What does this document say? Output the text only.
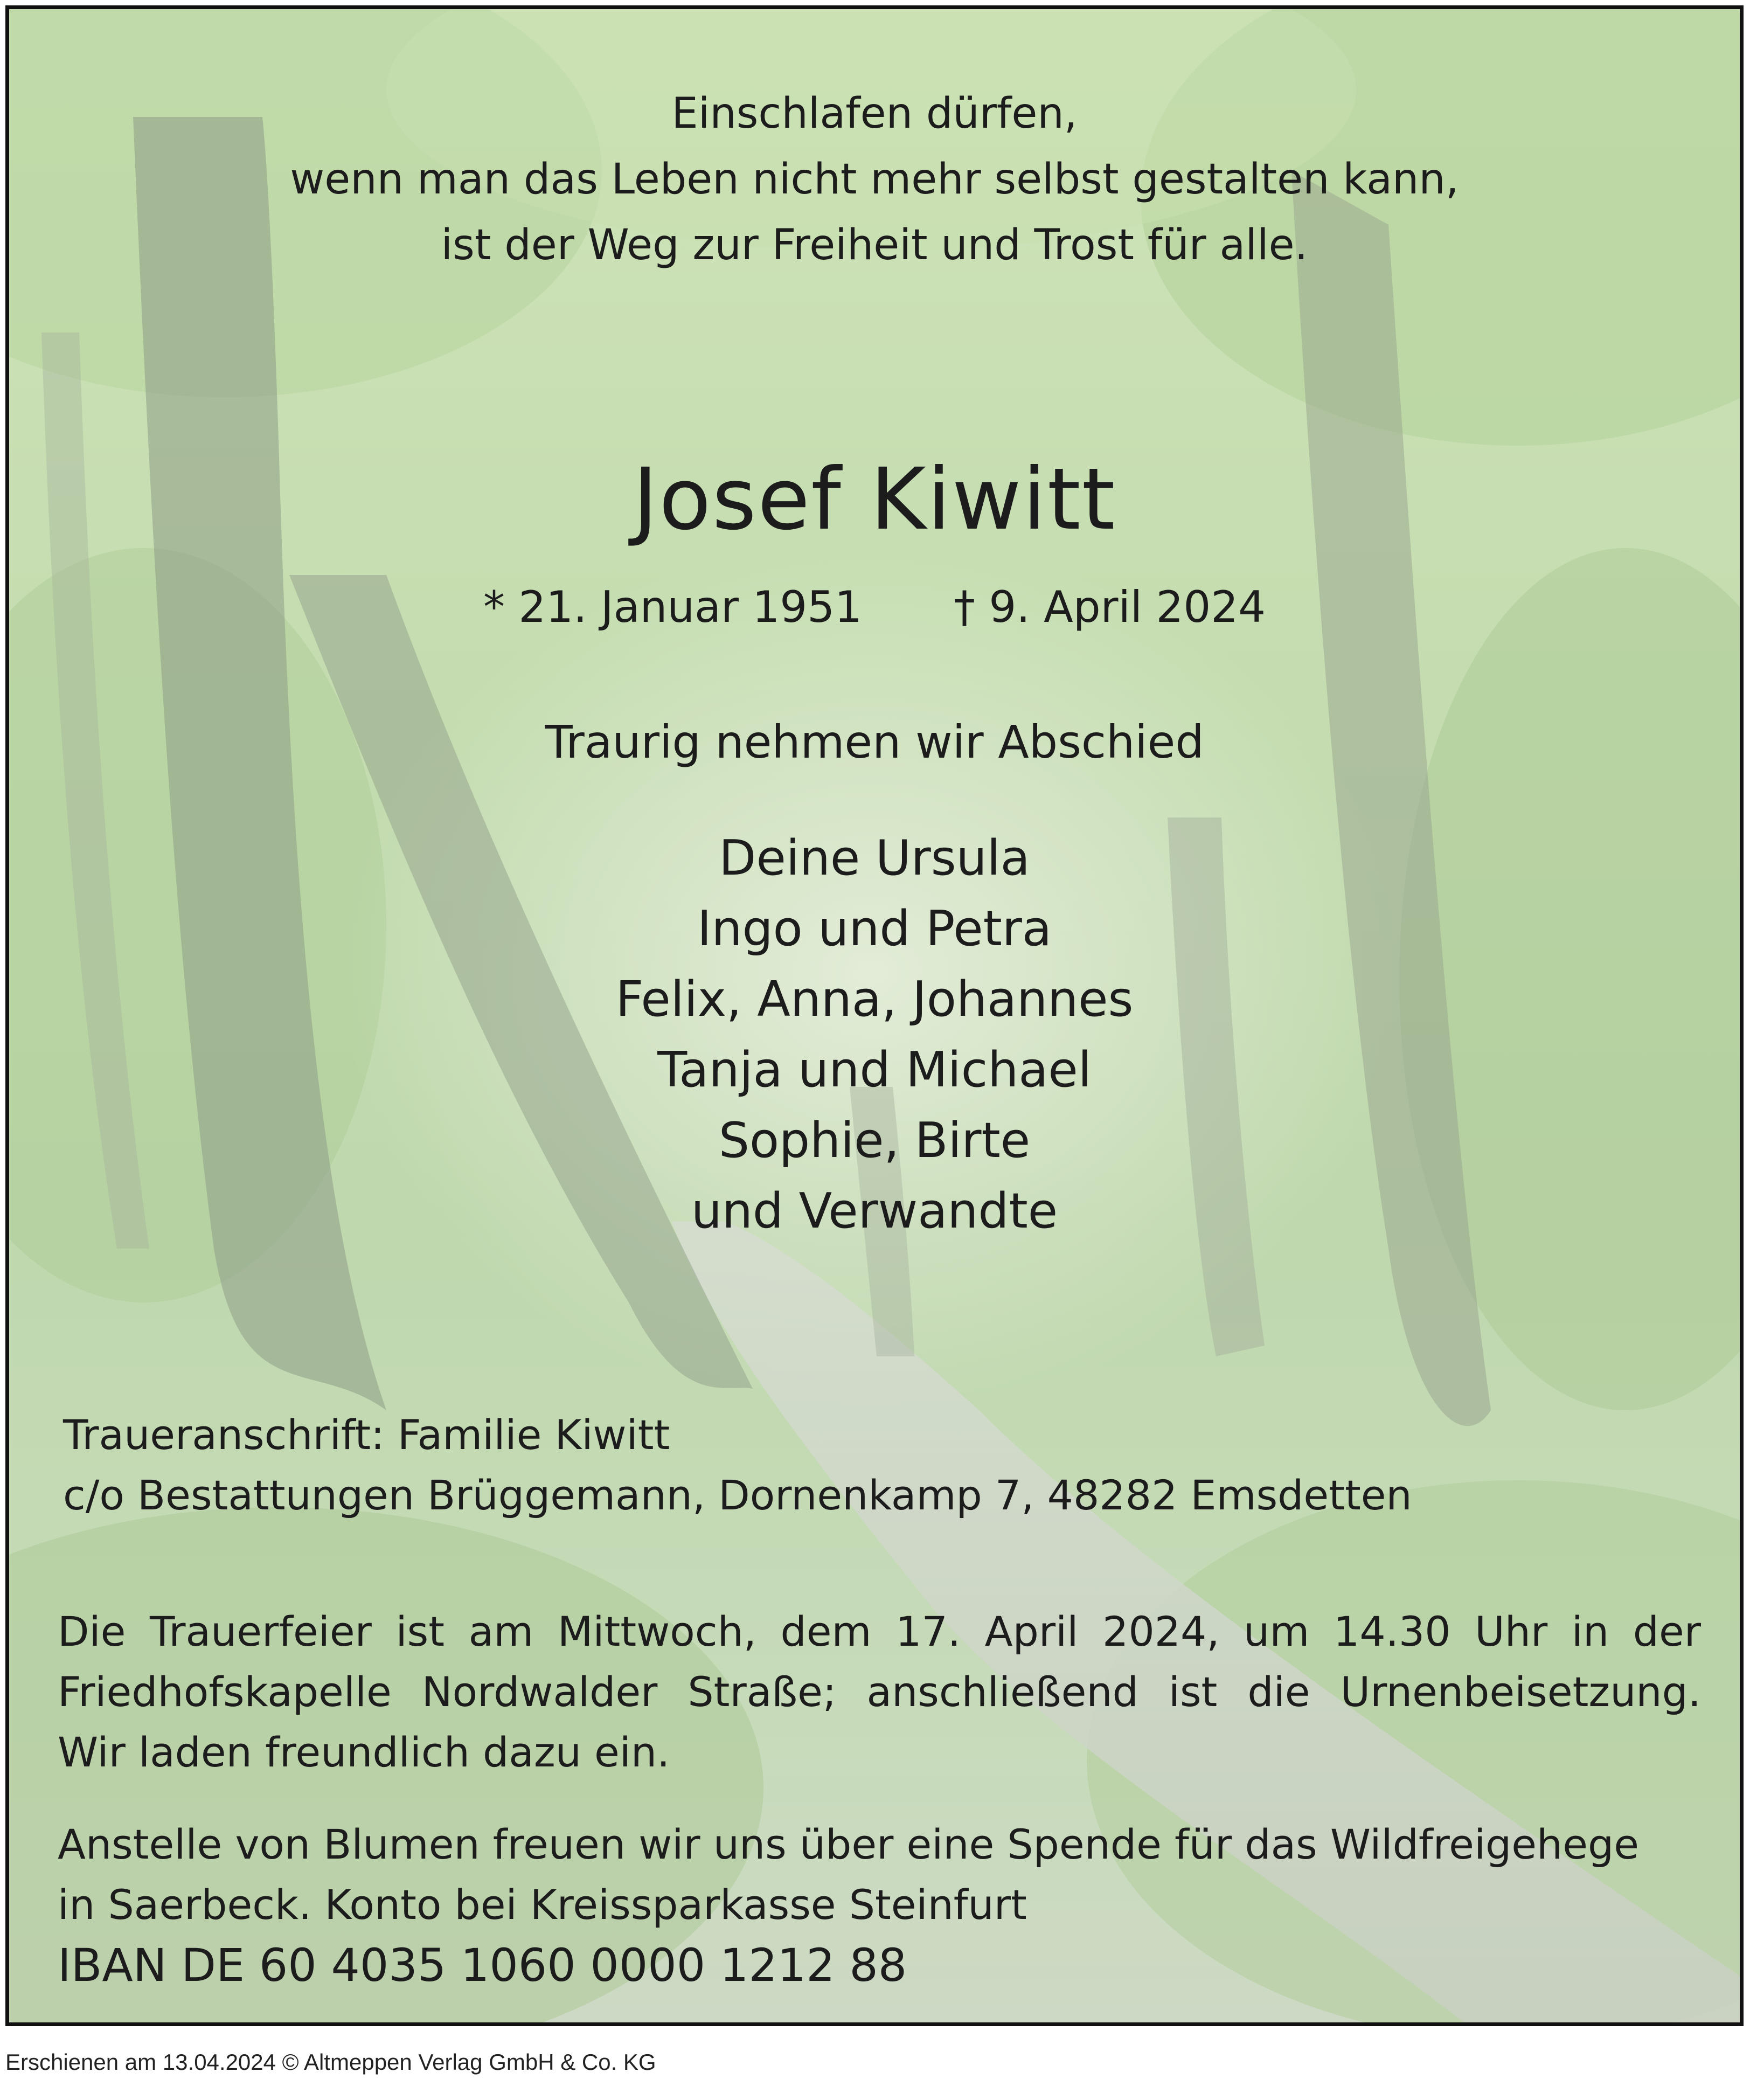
Einschlafen dürfen,
wenn man das Leben nicht mehr selbst gestalten kann,
ist der Weg zur Freiheit und Trost für alle.
Josef Kiwitt
* 21. Januar 1951 † 9. April 2024
Traurig nehmen wir Abschied
Deine Ursula
Ingo und Petra
Felix, Anna, Johannes
Tanja und Michael
Sophie, Birte
und Verwandte
Traueranschrift: Familie Kiwitt
c/o Bestattungen Brüggemann, Dornenkamp 7, 48282 Emsdetten
Die Trauerfeier ist am Mittwoch, dem 17. April 2024, um 14.30 Uhr in der
Friedhofskapelle Nordwalder Straße; anschließend ist die Urnenbeisetzung.
Wir laden freundlich dazu ein.
Anstelle von Blumen freuen wir uns über eine Spende für das Wildfreigehege
in Saerbeck. Konto bei Kreissparkasse Steinfurt
IBAN DE 60 4035 1060 0000 1212 88
Erschienen am 13.04.2024 © Altmeppen Verlag GmbH & Co. KG
